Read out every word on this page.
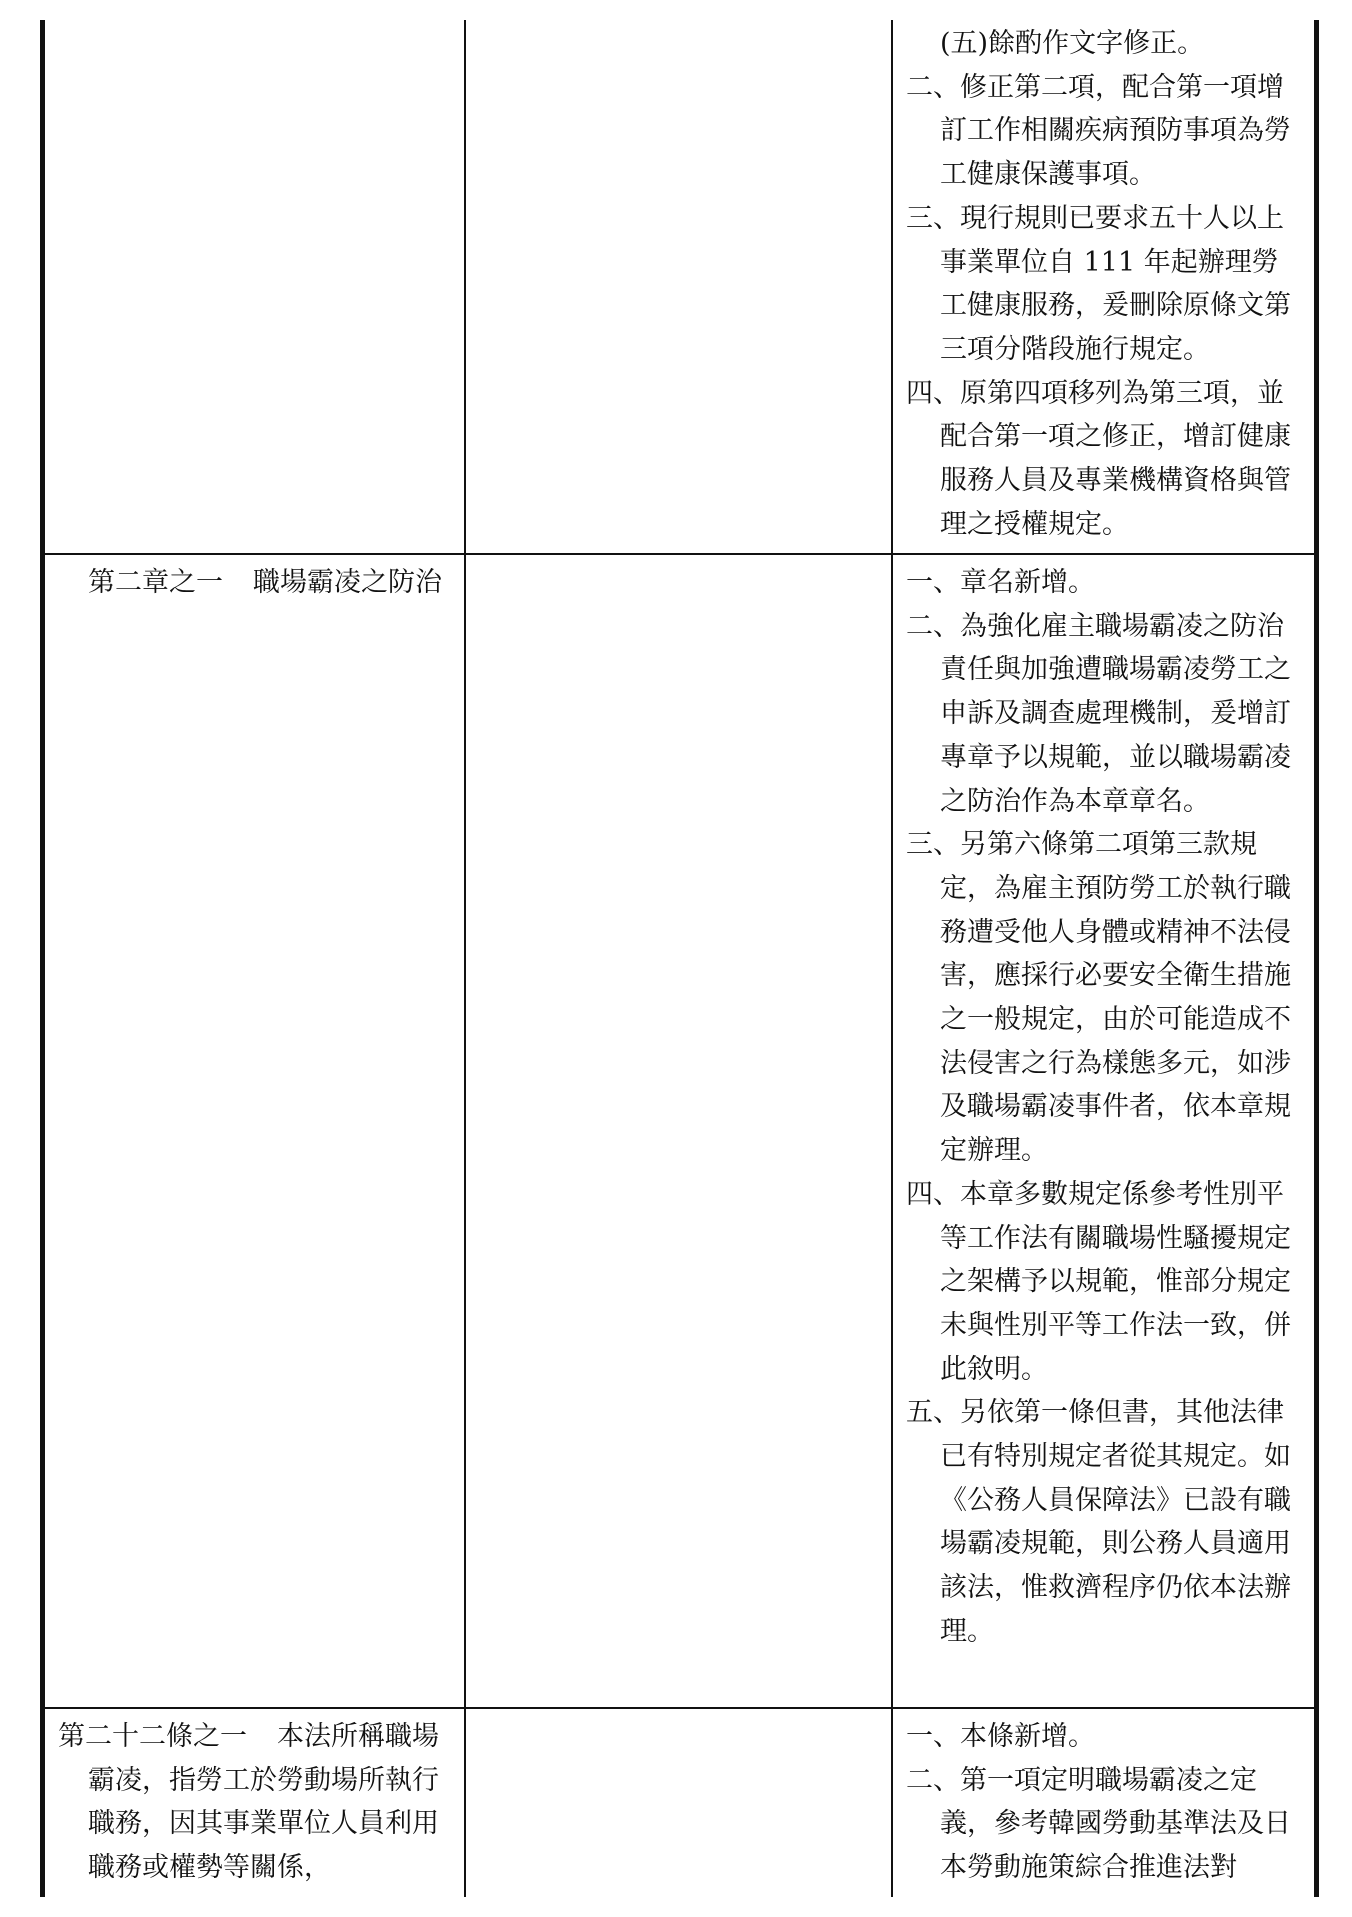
(五)餘酌作文字修正。
二、修正第二項，配合第一項增訂工作相關疾病預防事項為勞工健康保護事項。
三、現行規則已要求五十人以上事業單位自 111 年起辦理勞工健康服務，爰刪除原條文第三項分階段施行規定。
四、原第四項移列為第三項，並配合第一項之修正，增訂健康服務人員及專業機構資格與管理之授權規定。
第二章之一 職場霸凌之防治	一、章名新增。
二、為強化雇主職場霸凌之防治責任與加強遭職場霸凌勞工之申訴及調查處理機制，爰增訂專章予以規範，並以職場霸凌之防治作為本章章名。
三、另第六條第二項第三款規定，為雇主預防勞工於執行職務遭受他人身體或精神不法侵害，應採行必要安全衛生措施之一般規定，由於可能造成不法侵害之行為樣態多元，如涉及職場霸凌事件者，依本章規定辦理。
四、本章多數規定係參考性別平等工作法有關職場性騷擾規定之架構予以規範，惟部分規定未與性別平等工作法一致，併此敘明。
五、另依第一條但書，其他法律已有特別規定者從其規定。如《公務人員保障法》已設有職場霸凌規範，則公務人員適用該法，惟救濟程序仍依本法辦理。
第二十二條之一 本法所稱職場霸凌，指勞工於勞動場所執行職務，因其事業單位人員利用職務或權勢等關係，
一、本條新增。
二、第一項定明職場霸凌之定義，參考韓國勞動基準法及日本勞動施策綜合推進法對
